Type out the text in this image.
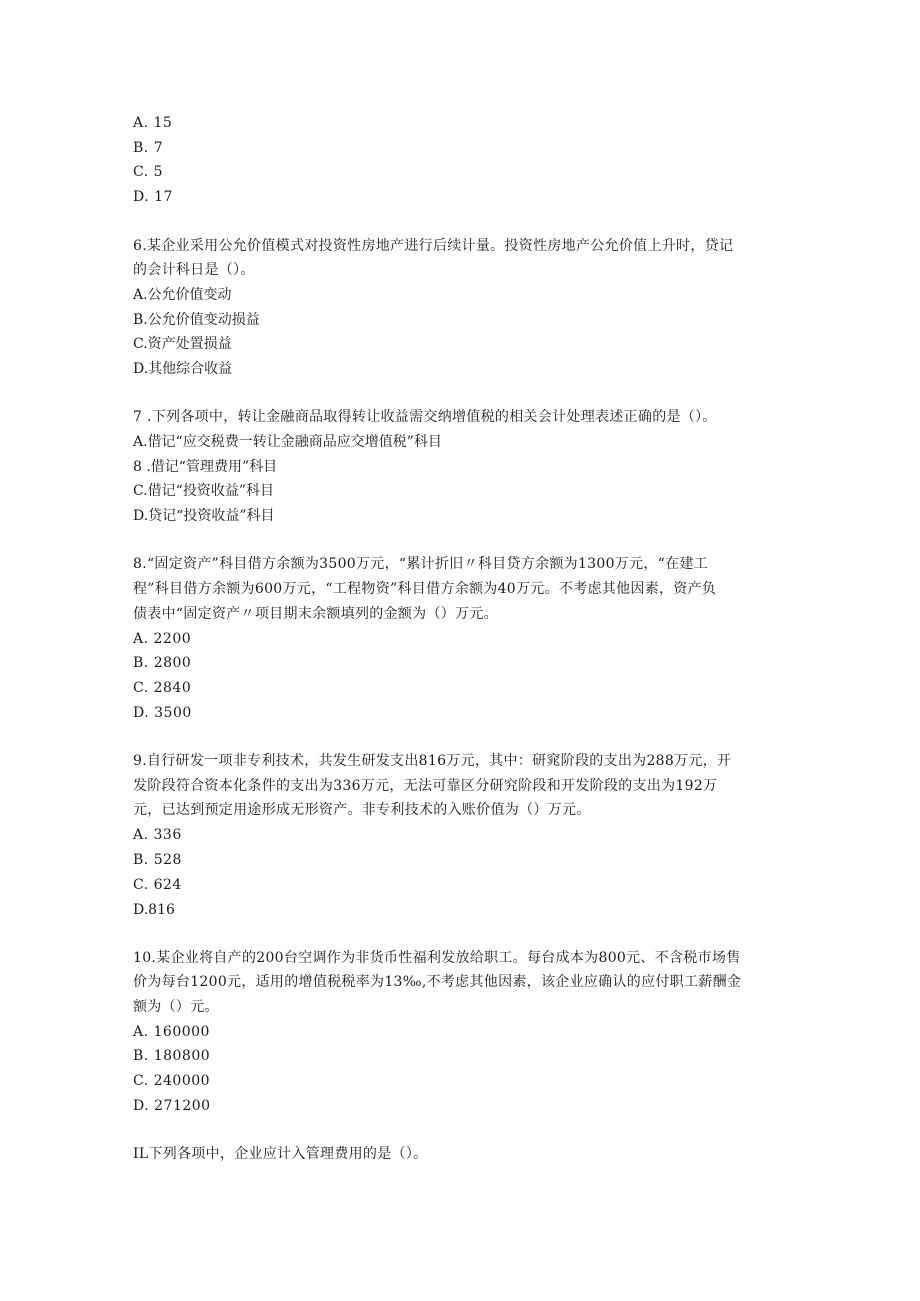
A. 15
B. 7
C. 5
D. 17
6.某企业采用公允价值模式对投资性房地产进行后续计量。投资性房地产公允价值上升时，贷记
的会计科日是（）。
A.公允价值变动
B.公允价值变动损益
C.资产处置损益
D.其他综合收益
7 .下列各项中，转让金融商品取得转让收益需交纳增值税的相关会计处理表述正确的是（）。
A.借记“应交税费一转让金融商品应交增值税”科目
8 .借记“管理费用”科目
C.借记“投资收益”科目
D.贷记“投资收益”科目
8.“固定资产”科目借方余额为3500万元，“累计折旧〃科目贷方余额为1300万元，“在建工
程”科目借方余额为600万元，“工程物资”科目借方余额为40万元。不考虑其他因素，资产负
债表中“固定资产〃项目期末余额填列的金额为（）万元。
A. 2200
B. 2800
C. 2840
D. 3500
9.自行研发一项非专利技术，共发生研发支出816万元，其中：研窕阶段的支出为288万元，开
发阶段符合资本化条件的支出为336万元，无法可靠区分研究阶段和开发阶段的支出为192万
元，已达到预定用途形成无形资产。非专利技术的入账价值为（）万元。
A. 336
B. 528
C. 624
D.816
10.某企业将自产的200台空调作为非货币性福利发放给职工。每台成本为800元、不含税市场售
价为每台1200元，适用的增值税税率为13‰,不考虑其他因素，该企业应确认的应付职工薪酬金
额为（）元。
A. 160000
B. 180800
C. 240000
D. 271200
IL下列各项中，企业应计入管理费用的是（）。
